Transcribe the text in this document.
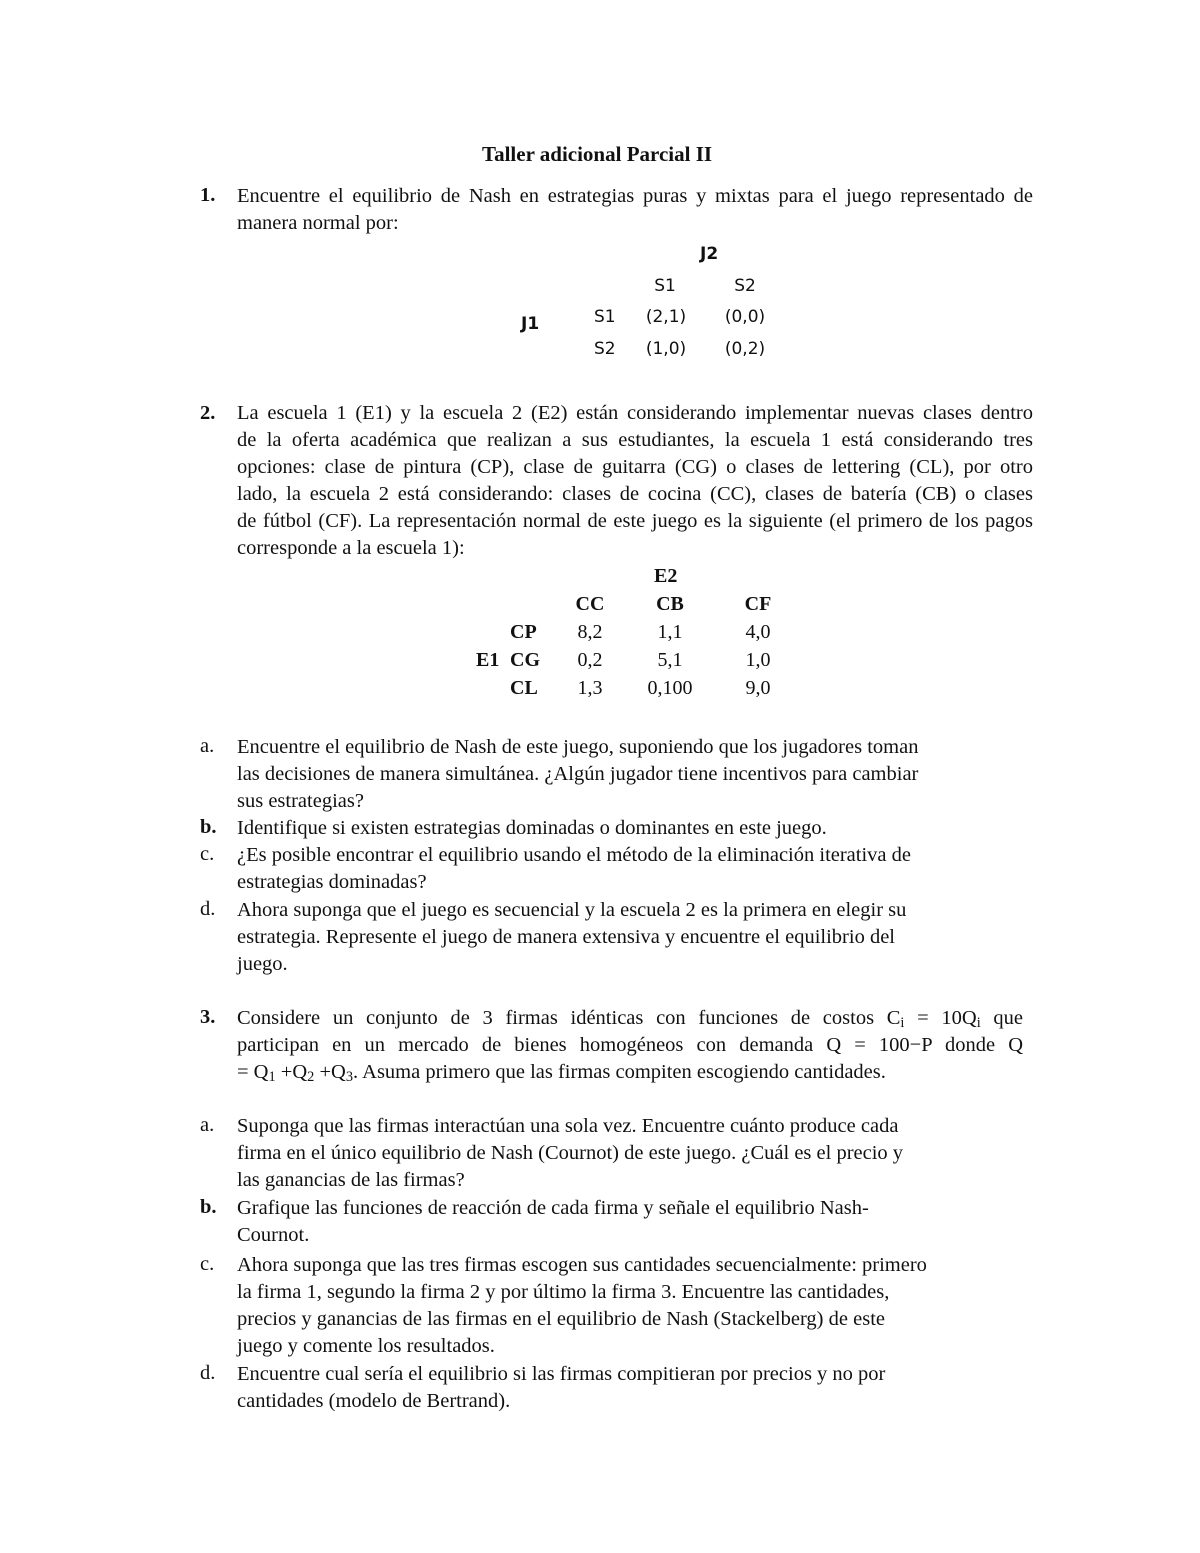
Taller adicional Parcial II
1. Encuentre el equilibrio de Nash en estrategias puras y mixtas para el juego representado de
manera normal por:
J2
S1	S2
J1	S1 (2,1) (0,0)
S2 (1,0) (0,2)
2. La escuela 1 (E1) y la escuela 2 (E2) están considerando implementar nuevas clases dentro
de la oferta académica que realizan a sus estudiantes, la escuela 1 está considerando tres
opciones: clase de pintura (CP), clase de guitarra (CG) o clases de lettering (CL), por otro
lado, la escuela 2 está considerando: clases de cocina (CC), clases de batería (CB) o clases
de fútbol (CF). La representación normal de este juego es la siguiente (el primero de los pagos
corresponde a la escuela 1):
E2
CC	CB	CF
CP	8,2	1,1	4,0
E1 CG	0,2	5,1	1,0
CL	1,3	0,100	9,0
a. Encuentre el equilibrio de Nash de este juego, suponiendo que los jugadores toman
las decisiones de manera simultánea. ¿Algún jugador tiene incentivos para cambiar
sus estrategias?
b. Identifique si existen estrategias dominadas o dominantes en este juego.
c. ¿Es posible encontrar el equilibrio usando el método de la eliminación iterativa de
estrategias dominadas?
d. Ahora suponga que el juego es secuencial y la escuela 2 es la primera en elegir su
estrategia. Represente el juego de manera extensiva y encuentre el equilibrio del
juego.
3. Considere un conjunto de 3 firmas idénticas con funciones de costos $C_i = 10Q_i$ que
participan en un mercado de bienes homogéneos con demanda Q = 100−P donde Q
= $Q_1 +Q_2 +Q_3$. Asuma primero que las firmas compiten escogiendo cantidades.
a. Suponga que las firmas interactúan una sola vez. Encuentre cuánto produce cada
firma en el único equilibrio de Nash (Cournot) de este juego. ¿Cuál es el precio y
las ganancias de las firmas?
b. Grafique las funciones de reacción de cada firma y señale el equilibrio Nash-
Cournot.
c. Ahora suponga que las tres firmas escogen sus cantidades secuencialmente: primero
la firma 1, segundo la firma 2 y por último la firma 3. Encuentre las cantidades,
precios y ganancias de las firmas en el equilibrio de Nash (Stackelberg) de este
juego y comente los resultados.
d. Encuentre cual sería el equilibrio si las firmas compitieran por precios y no por
cantidades (modelo de Bertrand).
